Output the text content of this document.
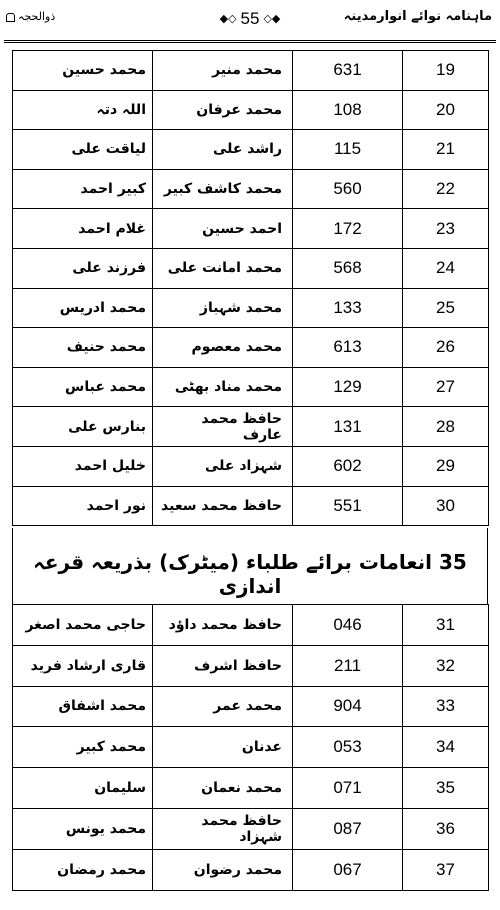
ذوالحجہ	◆◇ 55 ◇◆	ماہنامہ نوائے انوارمدینہ
محمد حسین	محمد منیر	631	19
اللہ دتہ	محمد عرفان	108	20
لیاقت علی	راشد علی	115	21
کبیر احمد	محمد کاشف کبیر	560	22
غلام احمد	احمد حسین	172	23
فرزند علی	محمد امانت علی	568	24
محمد ادریس	محمد شہباز	133	25
محمد حنیف	محمد معصوم	613	26
محمد عباس	محمد مناد بھٹی	129	27
بنارس علی	حافظ محمد عارف	131	28
خلیل احمد	شہزاد علی	602	29
نور احمد	حافظ محمد سعید	551	30
35 انعامات برائے طلباء (میٹرک) بذریعہ قرعہ اندازی
حاجی محمد اصغر	حافظ محمد داؤد	046	31
قاری ارشاد فرید	حافظ اشرف	211	32
محمد اشفاق	محمد عمر	904	33
محمد کبیر	عدنان	053	34
سلیمان	محمد نعمان	071	35
محمد یونس	حافظ محمد شہزاد	087	36
محمد رمضان	محمد رضوان	067	37
